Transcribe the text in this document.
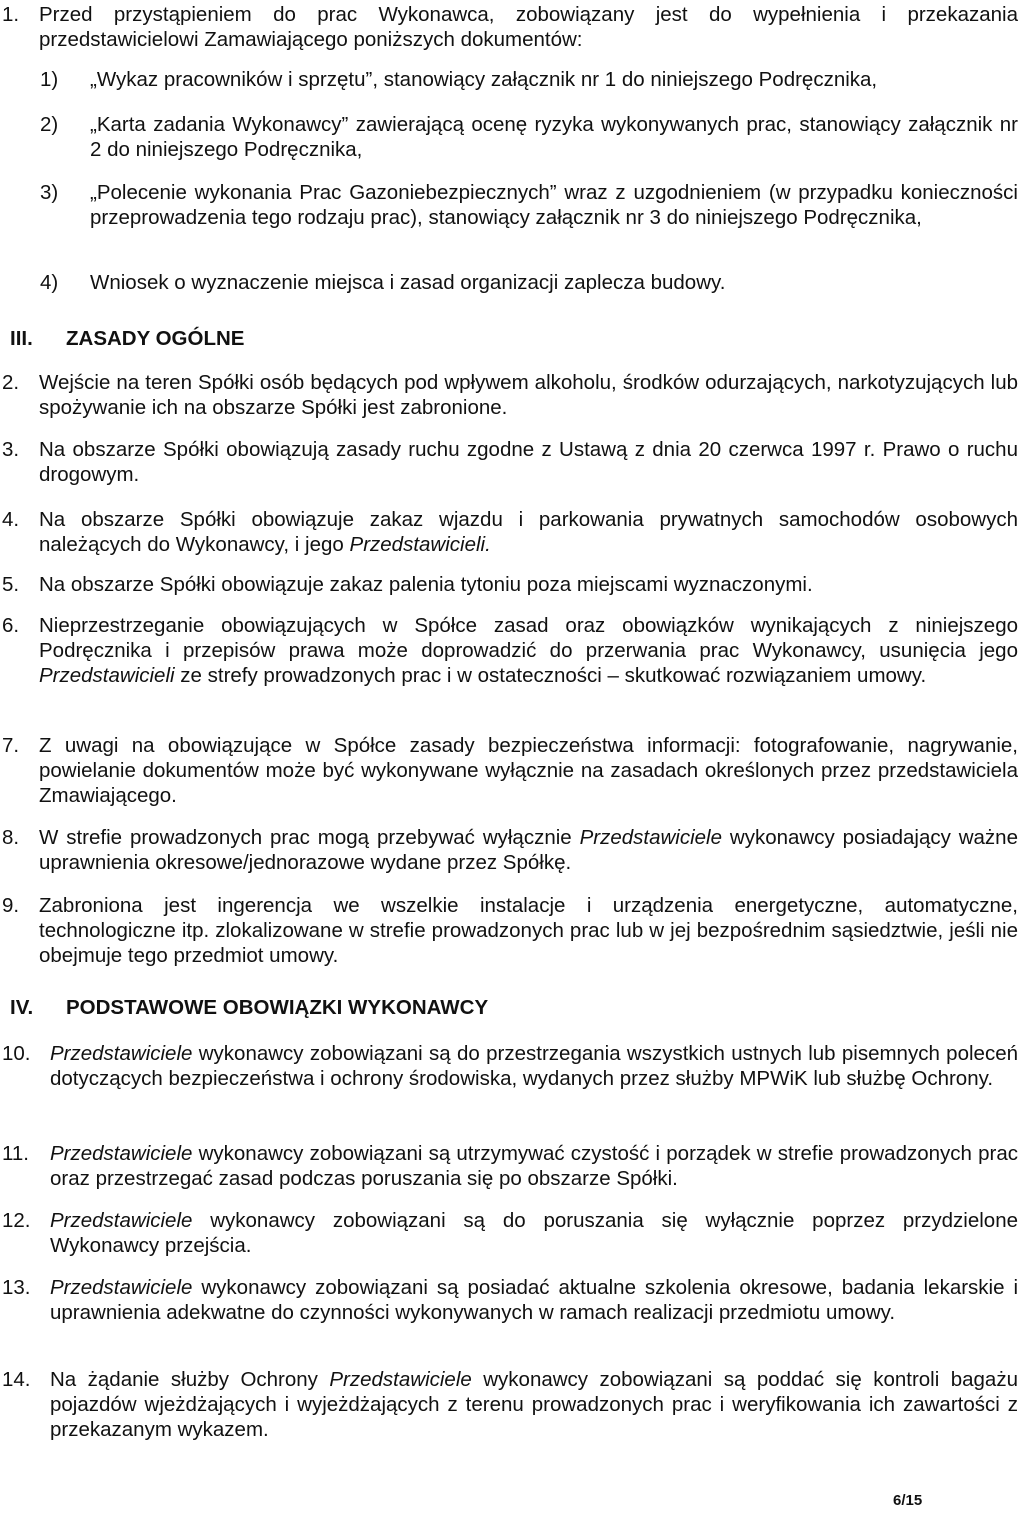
1. Przed przystąpieniem do prac Wykonawca, zobowiązany jest do wypełnienia i przekazania przedstawicielowi Zamawiającego poniższych dokumentów:
1) „Wykaz pracowników i sprzętu”, stanowiący załącznik nr 1 do niniejszego Podręcznika,
2) „Karta zadania Wykonawcy” zawierającą ocenę ryzyka wykonywanych prac, stanowiący załącznik nr 2 do niniejszego Podręcznika,
3) „Polecenie wykonania Prac Gazoniebezpiecznych” wraz z uzgodnieniem (w przypadku konieczności przeprowadzenia tego rodzaju prac), stanowiący załącznik nr 3 do niniejszego Podręcznika,
4) Wniosek o wyznaczenie miejsca i zasad organizacji zaplecza budowy.
III. ZASADY OGÓLNE
2. Wejście na teren Spółki osób będących pod wpływem alkoholu, środków odurzających, narkotyzujących lub spożywanie ich na obszarze Spółki jest zabronione.
3. Na obszarze Spółki obowiązują zasady ruchu zgodne z Ustawą z dnia 20 czerwca 1997 r. Prawo o ruchu drogowym.
4. Na obszarze Spółki obowiązuje zakaz wjazdu i parkowania prywatnych samochodów osobowych należących do Wykonawcy, i jego Przedstawicieli.
5. Na obszarze Spółki obowiązuje zakaz palenia tytoniu poza miejscami wyznaczonymi.
6. Nieprzestrzeganie obowiązujących w Spółce zasad oraz obowiązków wynikających z niniejszego Podręcznika i przepisów prawa może doprowadzić do przerwania prac Wykonawcy, usunięcia jego Przedstawicieli ze strefy prowadzonych prac i w ostateczności – skutkować rozwiązaniem umowy.
7. Z uwagi na obowiązujące w Spółce zasady bezpieczeństwa informacji: fotografowanie, nagrywanie, powielanie dokumentów może być wykonywane wyłącznie na zasadach określonych przez przedstawiciela Zmawiającego.
8. W strefie prowadzonych prac mogą przebywać wyłącznie Przedstawiciele wykonawcy posiadający ważne uprawnienia okresowe/jednorazowe wydane przez Spółkę.
9. Zabroniona jest ingerencja we wszelkie instalacje i urządzenia energetyczne, automatyczne, technologiczne itp. zlokalizowane w strefie prowadzonych prac lub w jej bezpośrednim sąsiedztwie, jeśli nie obejmuje tego przedmiot umowy.
IV. PODSTAWOWE OBOWIĄZKI WYKONAWCY
10. Przedstawiciele wykonawcy zobowiązani są do przestrzegania wszystkich ustnych lub pisemnych poleceń dotyczących bezpieczeństwa i ochrony środowiska, wydanych przez służby MPWiK lub służbę Ochrony.
11. Przedstawiciele wykonawcy zobowiązani są utrzymywać czystość i porządek w strefie prowadzonych prac oraz przestrzegać zasad podczas poruszania się po obszarze Spółki.
12. Przedstawiciele wykonawcy zobowiązani są do poruszania się wyłącznie poprzez przydzielone Wykonawcy przejścia.
13. Przedstawiciele wykonawcy zobowiązani są posiadać aktualne szkolenia okresowe, badania lekarskie i uprawnienia adekwatne do czynności wykonywanych w ramach realizacji przedmiotu umowy.
14. Na żądanie służby Ochrony Przedstawiciele wykonawcy zobowiązani są poddać się kontroli bagażu pojazdów wjeżdżających i wyjeżdżających z terenu prowadzonych prac i weryfikowania ich zawartości z przekazanym wykazem.
6/15
